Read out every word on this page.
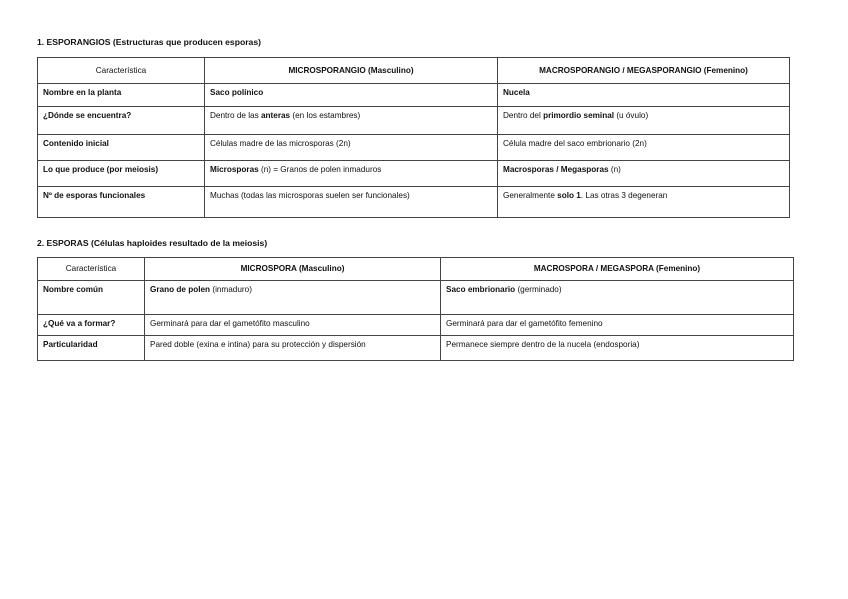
1. ESPORANGIOS (Estructuras que producen esporas)
Característica	MICROSPORANGIO (Masculino)	MACROSPORANGIO / MEGASPORANGIO (Femenino)
Nombre en la planta	Saco polínico	Nucela
¿Dónde se encuentra?	Dentro de las anteras (en los estambres)	Dentro del primordio seminal (u óvulo)
Contenido inicial	Células madre de las microsporas (2n)	Célula madre del saco embrionario (2n)
Lo que produce (por meiosis)	Microsporas (n) = Granos de polen inmaduros	Macrosporas / Megasporas (n)
Nº de esporas funcionales	Muchas (todas las microsporas suelen ser funcionales)	Generalmente solo 1. Las otras 3 degeneran
2. ESPORAS (Células haploides resultado de la meiosis)
Característica	MICROSPORA (Masculino)	MACROSPORA / MEGASPORA (Femenino)
Nombre común	Grano de polen (inmaduro)	Saco embrionario (germinado)
¿Qué va a formar?	Germinará para dar el gametófito masculino	Germinará para dar el gametófito femenino
Particularidad	Pared doble (exina e intina) para su protección y dispersión	Permanece siempre dentro de la nucela (endosporia)
